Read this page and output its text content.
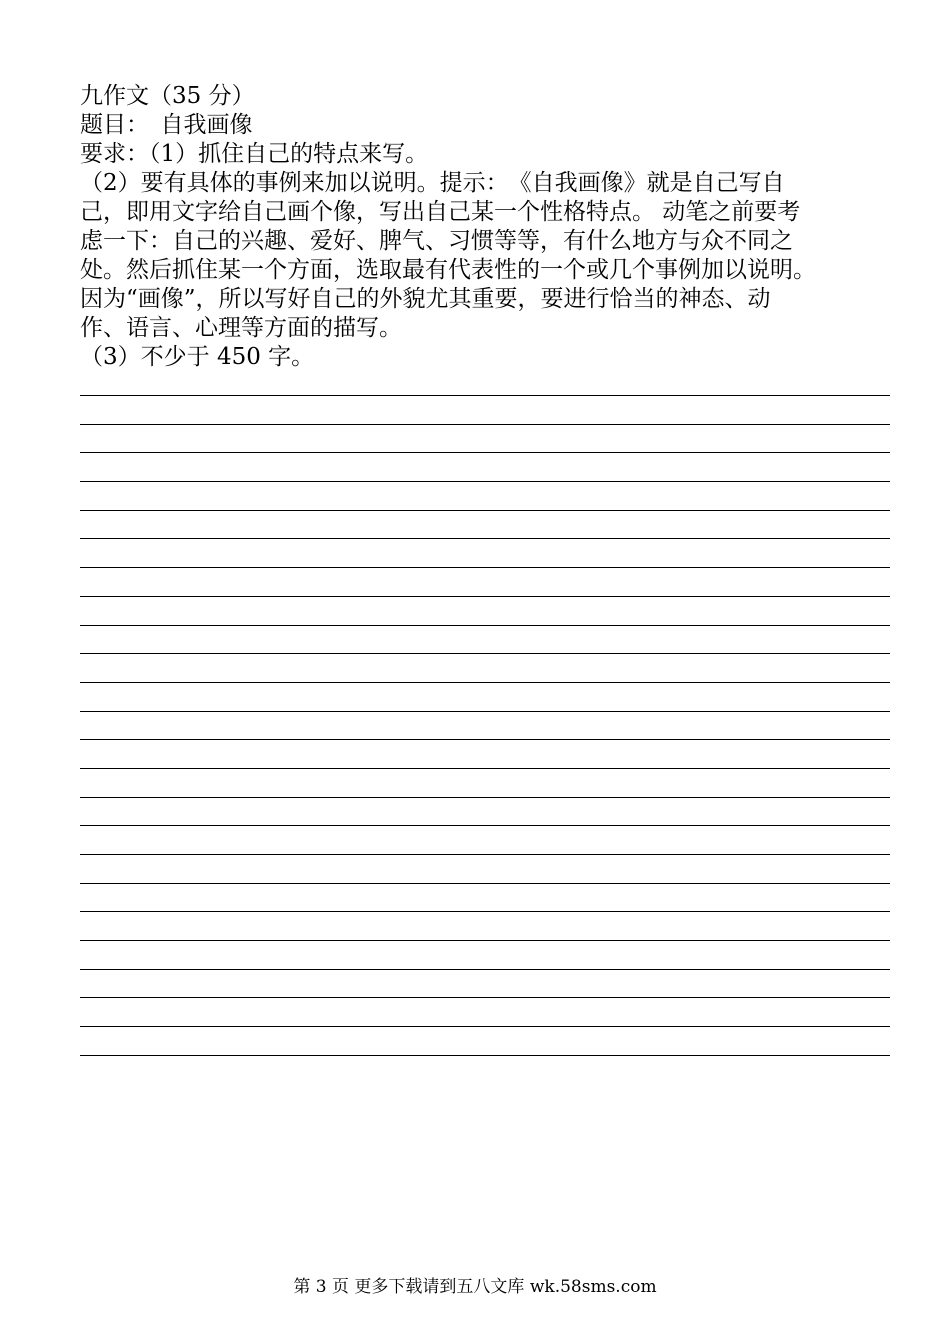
九作文（35 分）
题目：　自我画像
要求：（1）抓住自己的特点来写。
（2）要有具体的事例来加以说明。提示：　《自我画像》就是自己写自
己，即用文字给自己画个像，写出自己某一个性格特点。 动笔之前要考
虑一下：自己的兴趣、爱好、脾气、习惯等等，有什么地方与众不同之
处。然后抓住某一个方面，选取最有代表性的一个或几个事例加以说明。
因为“画像”，所以写好自己的外貌尤其重要，要进行恰当的神态、动
作、语言、心理等方面的描写。
（3）不少于 450 字。
第 3 页 更多下载请到五八文库 wk.58sms.com
